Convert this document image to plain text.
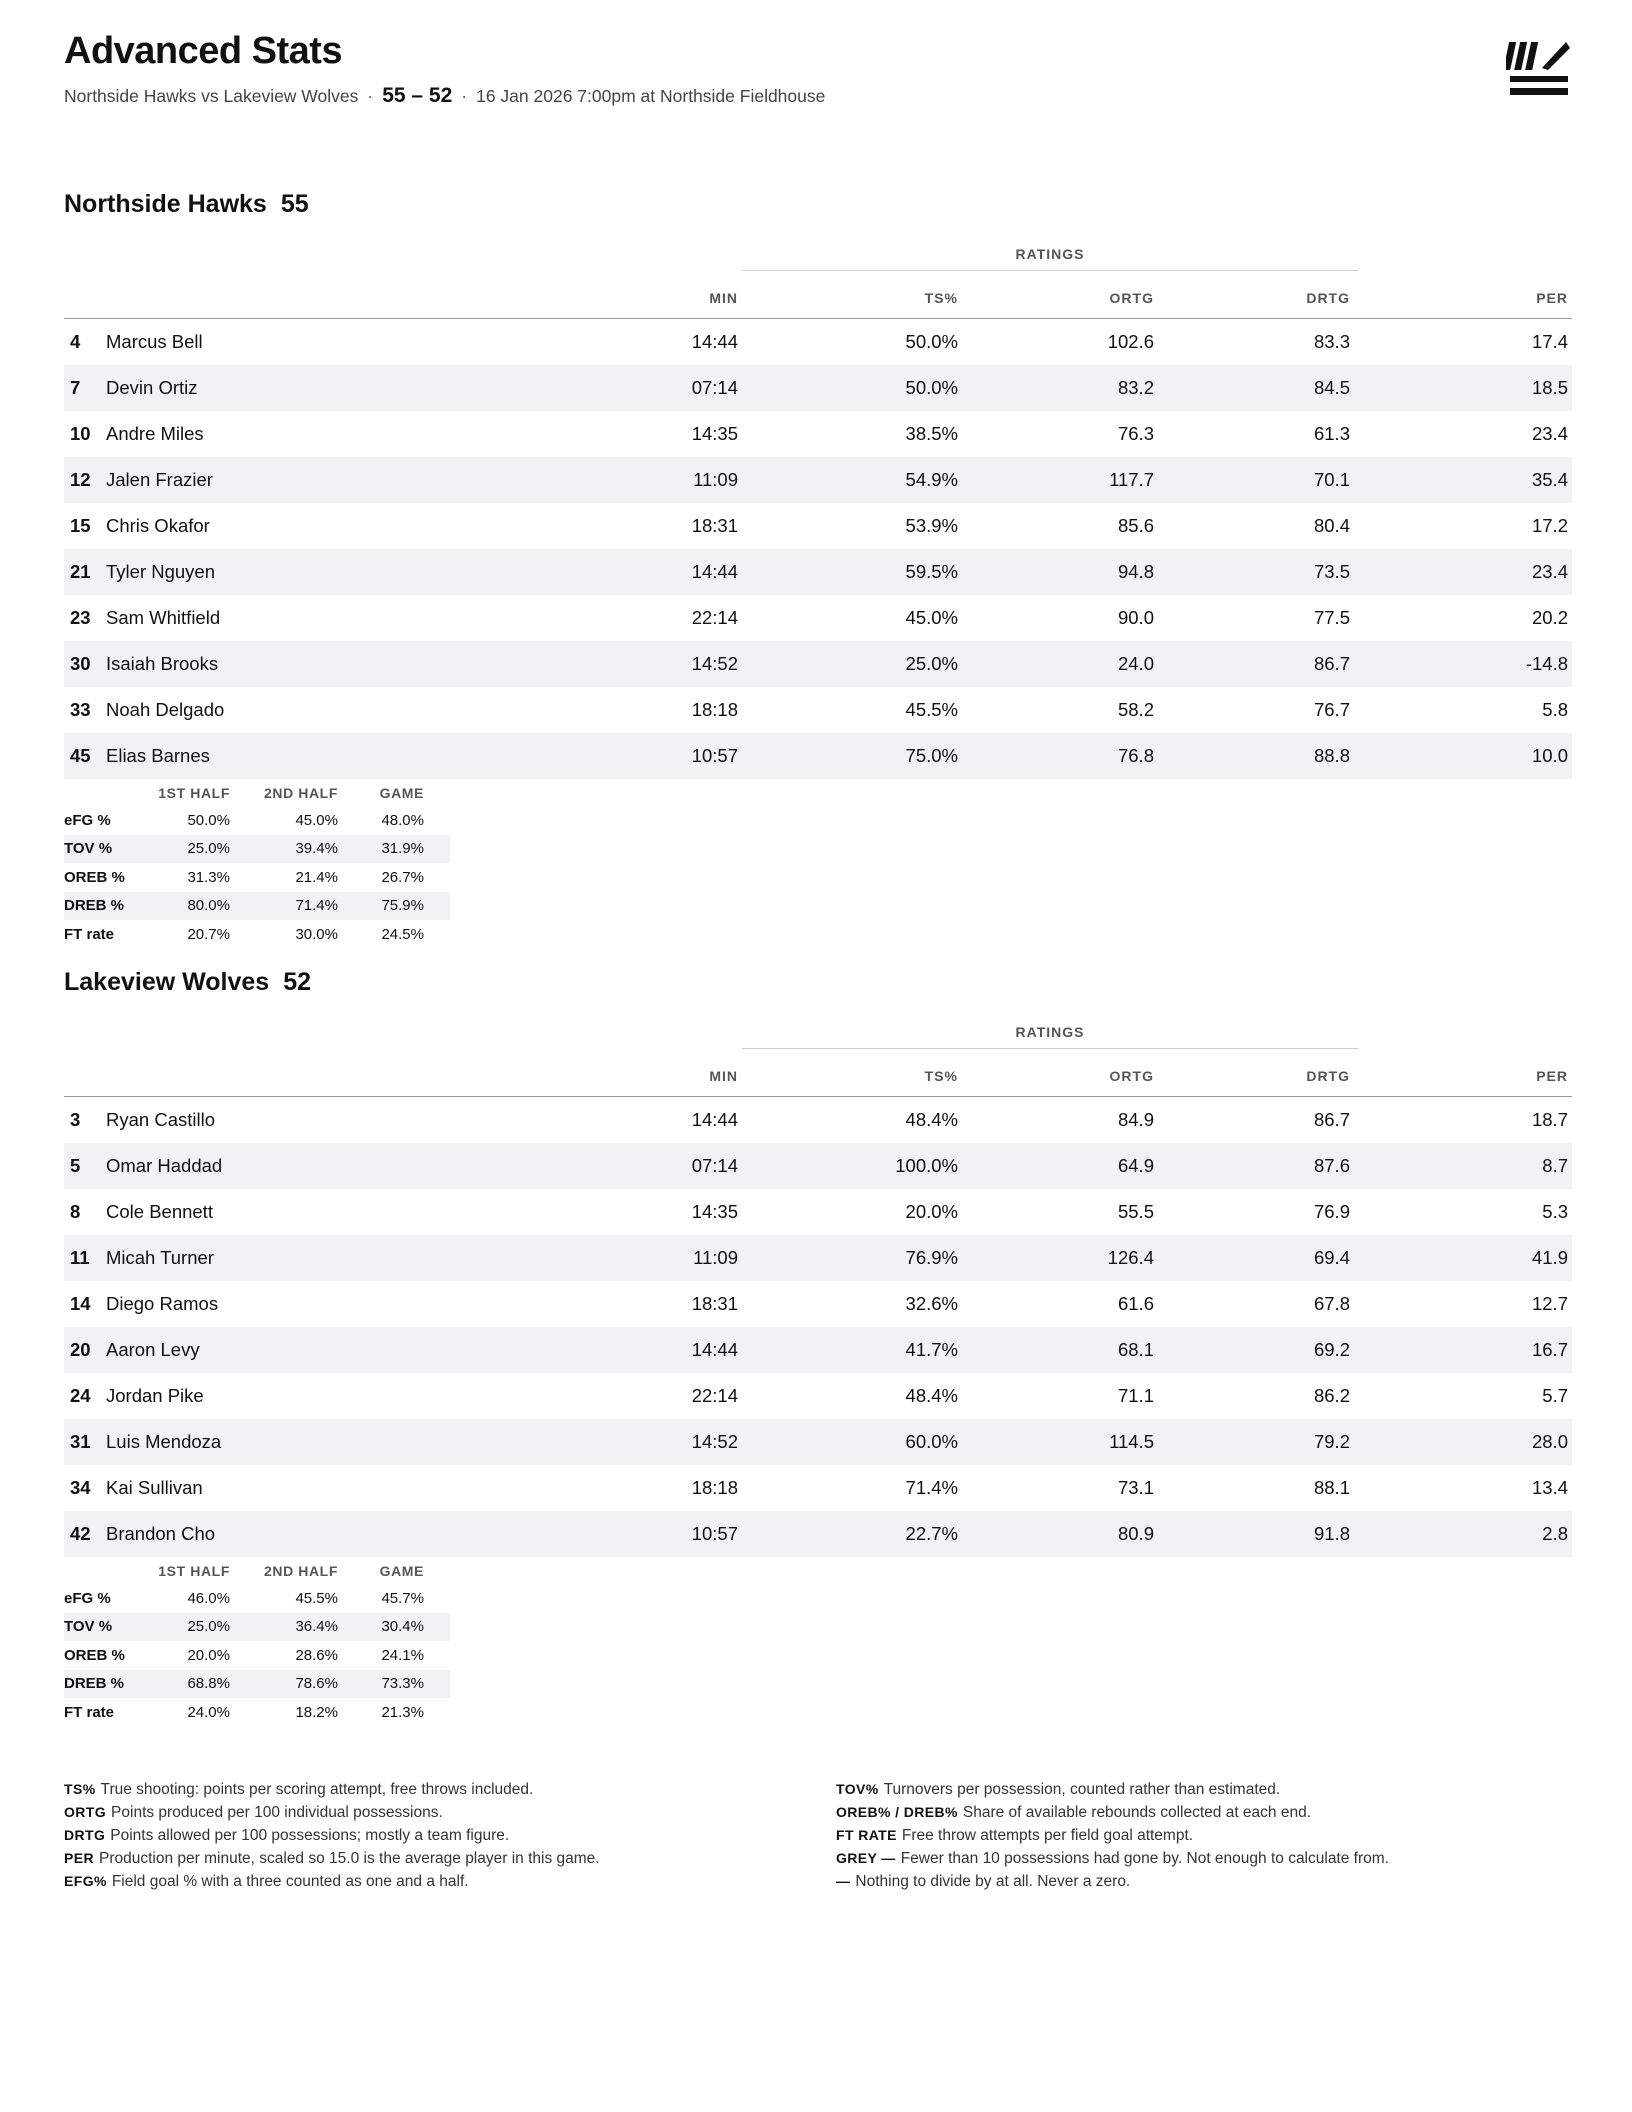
Advanced Stats
Northside Hawks vs Lakeview Wolves · 55 – 52 · 16 Jan 2026 7:00pm at Northside Fieldhouse
Northside Hawks 55
RATINGS
		MIN	TS%	ORTG	DRTG	PER
4	Marcus Bell	14:44	50.0%	102.6	83.3	17.4
7	Devin Ortiz	07:14	50.0%	83.2	84.5	18.5
10	Andre Miles	14:35	38.5%	76.3	61.3	23.4
12	Jalen Frazier	11:09	54.9%	117.7	70.1	35.4
15	Chris Okafor	18:31	53.9%	85.6	80.4	17.2
21	Tyler Nguyen	14:44	59.5%	94.8	73.5	23.4
23	Sam Whitfield	22:14	45.0%	90.0	77.5	20.2
30	Isaiah Brooks	14:52	25.0%	24.0	86.7	-14.8
33	Noah Delgado	18:18	45.5%	58.2	76.7	5.8
45	Elias Barnes	10:57	75.0%	76.8	88.8	10.0
	1ST HALF	2ND HALF	GAME
eFG %	50.0%	45.0%	48.0%
TOV %	25.0%	39.4%	31.9%
OREB %	31.3%	21.4%	26.7%
DREB %	80.0%	71.4%	75.9%
FT rate	20.7%	30.0%	24.5%
Lakeview Wolves 52
RATINGS
		MIN	TS%	ORTG	DRTG	PER
3	Ryan Castillo	14:44	48.4%	84.9	86.7	18.7
5	Omar Haddad	07:14	100.0%	64.9	87.6	8.7
8	Cole Bennett	14:35	20.0%	55.5	76.9	5.3
11	Micah Turner	11:09	76.9%	126.4	69.4	41.9
14	Diego Ramos	18:31	32.6%	61.6	67.8	12.7
20	Aaron Levy	14:44	41.7%	68.1	69.2	16.7
24	Jordan Pike	22:14	48.4%	71.1	86.2	5.7
31	Luis Mendoza	14:52	60.0%	114.5	79.2	28.0
34	Kai Sullivan	18:18	71.4%	73.1	88.1	13.4
42	Brandon Cho	10:57	22.7%	80.9	91.8	2.8
	1ST HALF	2ND HALF	GAME
eFG %	46.0%	45.5%	45.7%
TOV %	25.0%	36.4%	30.4%
OREB %	20.0%	28.6%	24.1%
DREB %	68.8%	78.6%	73.3%
FT rate	24.0%	18.2%	21.3%
TS% True shooting: points per scoring attempt, free throws included.
ORTG Points produced per 100 individual possessions.
DRTG Points allowed per 100 possessions; mostly a team figure.
PER Production per minute, scaled so 15.0 is the average player in this game.
EFG% Field goal % with a three counted as one and a half.
TOV% Turnovers per possession, counted rather than estimated.
OREB% / DREB% Share of available rebounds collected at each end.
FT RATE Free throw attempts per field goal attempt.
GREY — Fewer than 10 possessions had gone by. Not enough to calculate from.
— Nothing to divide by at all. Never a zero.
